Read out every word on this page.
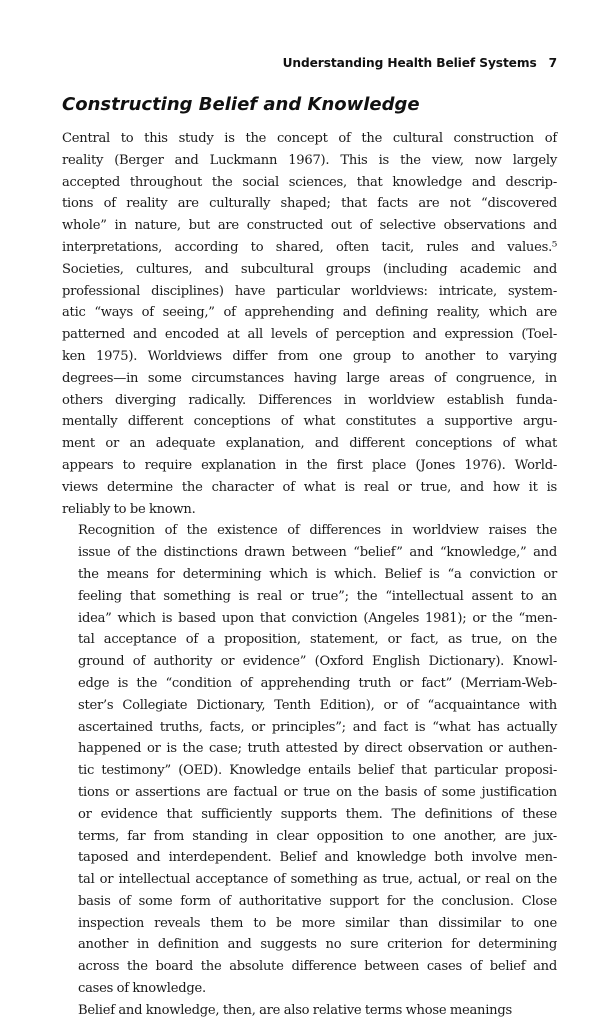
Understanding Health Belief Systems 7
Constructing Belief and Knowledge

Central to this study is the concept of the cultural construction of
reality (Berger and Luckmann 1967). This is the view, now largely
accepted throughout the social sciences, that knowledge and descrip-
tions of reality are culturally shaped; that facts are not “discovered
whole” in nature, but are constructed out of selective observations and
interpretations, according to shared, often tacit, rules and values.⁵
Societies, cultures, and subcultural groups (including academic and
professional disciplines) have particular worldviews: intricate, system-
atic “ways of seeing,” of apprehending and defining reality, which are
patterned and encoded at all levels of perception and expression (Toel-
ken 1975). Worldviews differ from one group to another to varying
degrees—in some circumstances having large areas of congruence, in
others diverging radically. Differences in worldview establish funda-
mentally different conceptions of what constitutes a supportive argu-
ment or an adequate explanation, and different conceptions of what
appears to require explanation in the first place (Jones 1976). World-
views determine the character of what is real or true, and how it is
reliably to be known.

Recognition of the existence of differences in worldview raises the
issue of the distinctions drawn between “belief” and “knowledge,” and
the means for determining which is which. Belief is “a conviction or
feeling that something is real or true”; the “intellectual assent to an
idea” which is based upon that conviction (Angeles 1981); or the “men-
tal acceptance of a proposition, statement, or fact, as true, on the
ground of authority or evidence” (Oxford English Dictionary). Knowl-
edge is the “condition of apprehending truth or fact” (Merriam-Web-
ster’s Collegiate Dictionary, Tenth Edition), or of “acquaintance with
ascertained truths, facts, or principles”; and fact is “what has actually
happened or is the case; truth attested by direct observation or authen-
tic testimony” (OED). Knowledge entails belief that particular proposi-
tions or assertions are factual or true on the basis of some justification
or evidence that sufficiently supports them. The definitions of these
terms, far from standing in clear opposition to one another, are jux-
taposed and interdependent. Belief and knowledge both involve men-
tal or intellectual acceptance of something as true, actual, or real on the
basis of some form of authoritative support for the conclusion. Close
inspection reveals them to be more similar than dissimilar to one
another in definition and suggests no sure criterion for determining
across the board the absolute difference between cases of belief and
cases of knowledge.

Belief and knowledge, then, are also relative terms whose meanings
